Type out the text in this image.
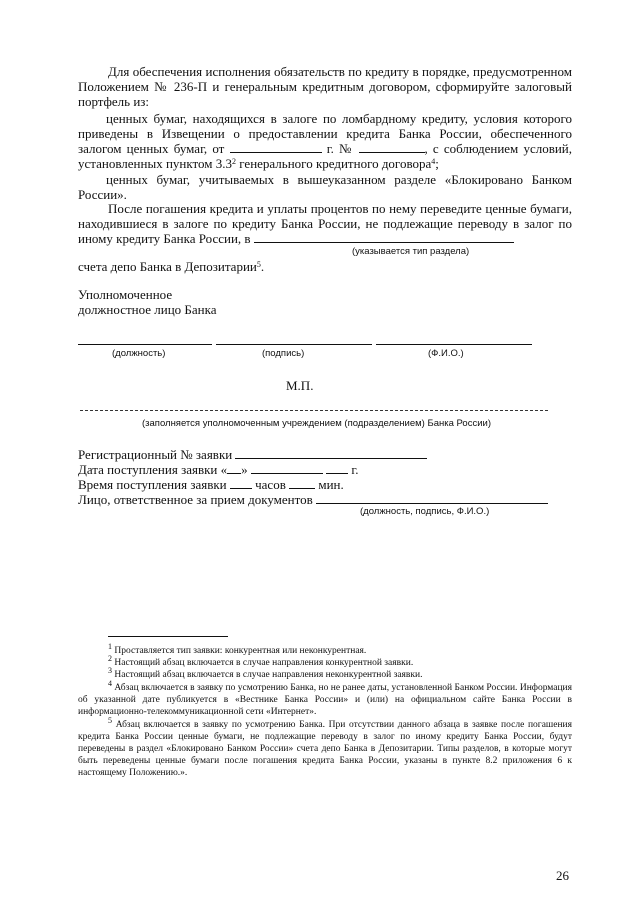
Для обеспечения исполнения обязательств по кредиту в порядке, предусмотренном Положением № 236-П и генеральным кредитным договором, сформируйте залоговый портфель из:
ценных бумаг, находящихся в залоге по ломбардному кредиту, условия которого приведены в Извещении о предоставлении кредита Банка России, обеспеченного залогом ценных бумаг, от	г. №	, с соблюдением условий, установленных пунктом $3.3^2$ генерального кредитного договора$^4$;
ценных бумаг, учитываемых в вышеуказанном разделе «Блокировано Банком России».
После погашения кредита и уплаты процентов по нему переведите ценные бумаги, находившиеся в залоге по кредиту Банка России, не подлежащие переводу в залог по иному кредиту Банка России, в
(указывается тип раздела)
счета депо Банка в Депозитарии$^5$.
Уполномоченное
должностное лицо Банка
(должность)	(подпись)	(Ф.И.О.)
М.П.
(заполняется уполномоченным учреждением (подразделением) Банка России)
Регистрационный № заявки
Дата поступления заявки « »	г.
Время поступления заявки часов	мин.
Лицо, ответственное за прием документов
(должность, подпись, Ф.И.О.)
$^1$ Проставляется тип заявки: конкурентная или неконкурентная.
$^2$ Настоящий абзац включается в случае направления конкурентной заявки.
$^3$ Настоящий абзац включается в случае направления неконкурентной заявки.
$^4$ Абзац включается в заявку по усмотрению Банка, но не ранее даты, установленной Банком России. Информация об указанной дате публикуется в «Вестнике Банка России» и (или) на официальном сайте Банка России в информационно-телекоммуникационной сети «Интернет».
$^5$ Абзац включается в заявку по усмотрению Банка. При отсутствии данного абзаца в заявке после погашения кредита Банка России ценные бумаги, не подлежащие переводу в залог по иному кредиту Банка России, будут переведены в раздел «Блокировано Банком России» счета депо Банка в Депозитарии. Типы разделов, в которые могут быть переведены ценные бумаги после погашения кредита Банка России, указаны в пункте 8.2 приложения 6 к настоящему Положению.».
26
